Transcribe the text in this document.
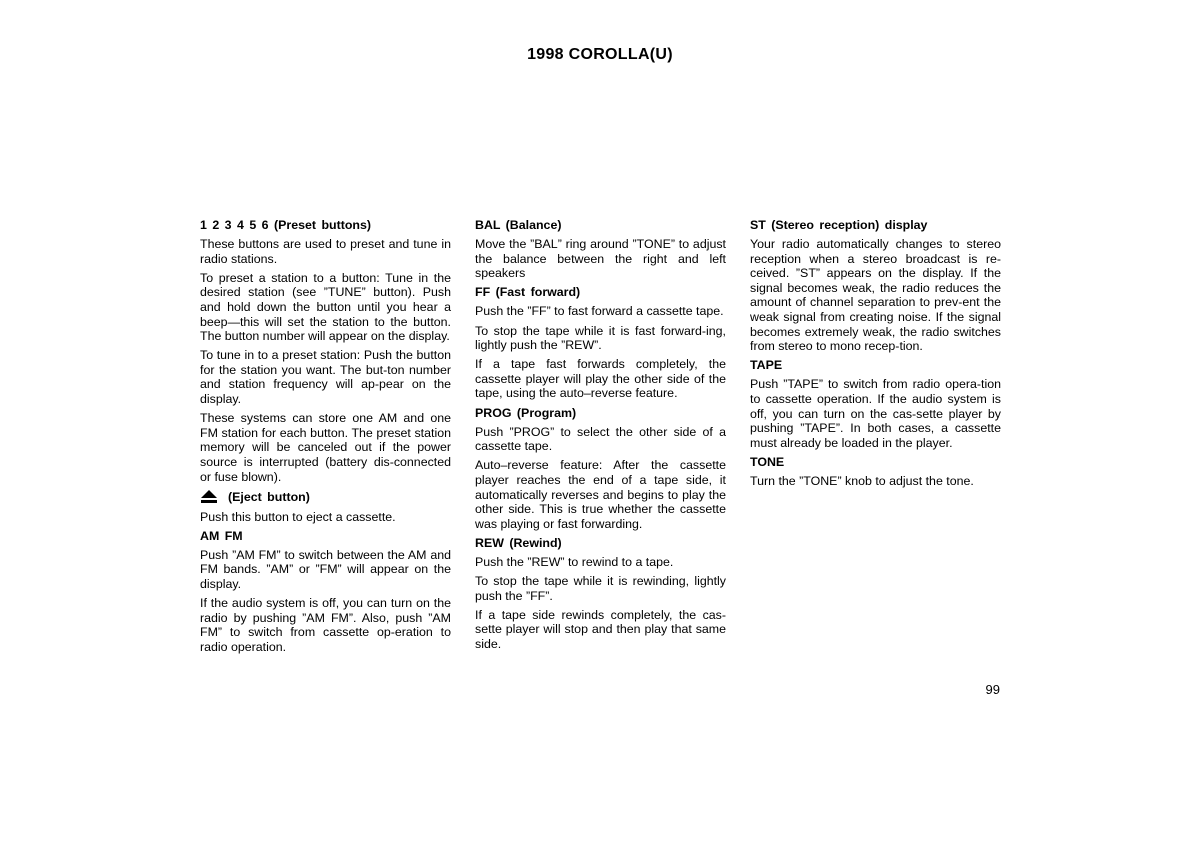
1998 COROLLA(U)
1 2 3 4 5 6 (Preset buttons)
These buttons are used to preset and tune in radio stations.
To preset a station to a button: Tune in the desired station (see ”TUNE” button). Push and hold down the button until you hear a beep—this will set the station to the button. The button number will appear on the display.
To tune in to a preset station: Push the button for the station you want. The but-ton number and station frequency will ap-pear on the display.
These systems can store one AM and one FM station for each button. The preset station memory will be canceled out if the power source is interrupted (battery dis-connected or fuse blown).
(Eject button)
Push this button to eject a cassette.
AM FM
Push ”AM FM” to switch between the AM and FM bands. ”AM” or ”FM” will appear on the display.
If the audio system is off, you can turn on the radio by pushing ”AM FM”. Also, push ”AM FM” to switch from cassette op-eration to radio operation.
BAL (Balance)
Move the ”BAL” ring around ”TONE” to adjust the balance between the right and left speakers
FF (Fast forward)
Push the ”FF” to fast forward a cassette tape.
To stop the tape while it is fast forward-ing, lightly push the ”REW”.
If a tape fast forwards completely, the cassette player will play the other side of the tape, using the auto–reverse feature.
PROG (Program)
Push ”PROG” to select the other side of a cassette tape.
Auto–reverse feature: After the cassette player reaches the end of a tape side, it automatically reverses and begins to play the other side. This is true whether the cassette was playing or fast forwarding.
REW (Rewind)
Push the ”REW” to rewind to a tape.
To stop the tape while it is rewinding, lightly push the ”FF”.
If a tape side rewinds completely, the cas-sette player will stop and then play that same side.
ST (Stereo reception) display
Your radio automatically changes to stereo reception when a stereo broadcast is re-ceived. ”ST” appears on the display. If the signal becomes weak, the radio reduces the amount of channel separation to prev-ent the weak signal from creating noise. If the signal becomes extremely weak, the radio switches from stereo to mono recep-tion.
TAPE
Push ”TAPE” to switch from radio opera-tion to cassette operation. If the audio system is off, you can turn on the cas-sette player by pushing ”TAPE”. In both cases, a cassette must already be loaded in the player.
TONE
Turn the ”TONE” knob to adjust the tone.
99
